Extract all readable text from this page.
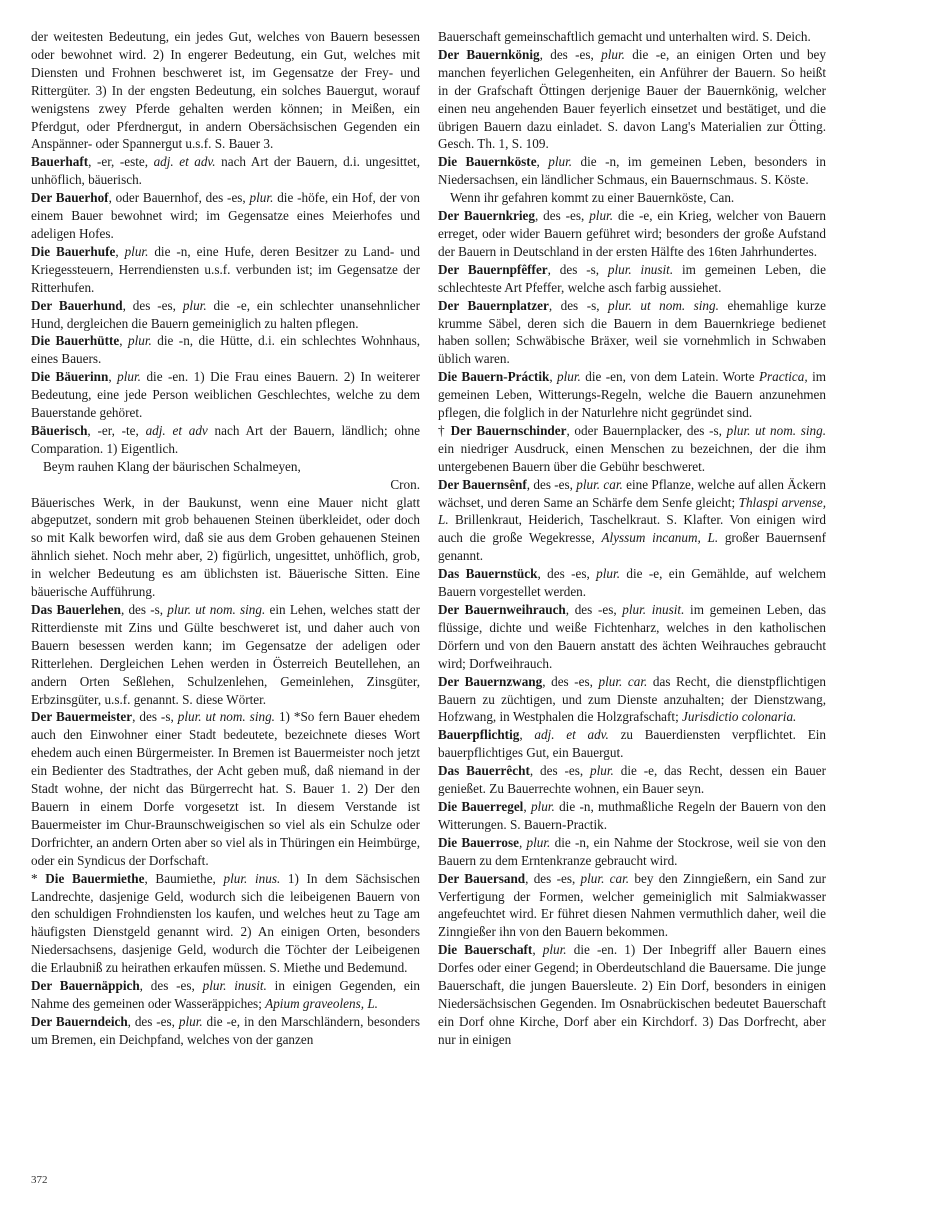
der weitesten Bedeutung, ein jedes Gut, welches von Bauern besessen oder bewohnet wird. 2) In engerer Bedeutung, ein Gut, welches mit Diensten und Frohnen beschweret ist, im Gegensatze der Frey- und Rittergüter. 3) In der engsten Bedeutung, ein solches Bauergut, worauf wenigstens zwey Pferde gehalten werden können; in Meißen, ein Pferdgut, oder Pferdnergut, in andern Obersächsischen Gegenden ein Anspänner- oder Spannergut u.s.f. S. Bauer 3.

Bauerhaft, -er, -este, adj. et adv. nach Art der Bauern, d.i. ungesittet, unhöflich, bäuerisch.

Der Bauerhof, oder Bauernhof, des -es, plur. die -höfe, ein Hof, der von einem Bauer bewohnet wird; im Gegensatze eines Meierhofes und adeligen Hofes.

Die Bauerhufe, plur. die -n, eine Hufe, deren Besitzer zu Land- und Kriegessteuern, Herrendiensten u.s.f. verbunden ist; im Gegensatze der Ritterhufen.

Der Bauerhund, des -es, plur. die -e, ein schlechter unansehnlicher Hund, dergleichen die Bauern gemeiniglich zu halten pflegen.

Die Bauerhütte, plur. die -n, die Hütte, d.i. ein schlechtes Wohnhaus, eines Bauers.

Die Bäuerinn, plur. die -en. 1) Die Frau eines Bauern. 2) In weiterer Bedeutung, eine jede Person weiblichen Geschlechtes, welche zu dem Bauerstande gehöret.

Bäuerisch, -er, -te, adj. et adv nach Art der Bauern, ländlich; ohne Comparation. 1) Eigentlich.

Beym rauhen Klang der bäurischen Schalmeyen,

Cron.

Bäuerisches Werk, in der Baukunst, wenn eine Mauer nicht glatt abgeputzet, sondern mit grob behauenen Steinen überkleidet, oder doch so mit Kalk beworfen wird, daß sie aus dem Groben gehauenen Steinen ähnlich siehet. Noch mehr aber, 2) figürlich, ungesittet, unhöflich, grob, in welcher Bedeutung es am üblichsten ist. Bäuerische Sitten. Eine bäuerische Aufführung.

Das Bauerlehen, des -s, plur. ut nom. sing. ein Lehen, welches statt der Ritterdienste mit Zins und Gülte beschweret ist, und daher auch von Bauern besessen werden kann; im Gegensatze der adeligen oder Ritterlehen. Dergleichen Lehen werden in Österreich Beutellehen, an andern Orten Seßlehen, Schulzenlehen, Gemeinlehen, Zinsgüter, Erbzinsgüter, u.s.f. genannt. S. diese Wörter.

Der Bauermeister, des -s, plur. ut nom. sing. 1) *So fern Bauer ehedem auch den Einwohner einer Stadt bedeutete, bezeichnete dieses Wort ehedem auch einen Bürgermeister. In Bremen ist Bauermeister noch jetzt ein Bedienter des Stadtrathes, der Acht geben muß, daß niemand in der Stadt wohne, der nicht das Bürgerrecht hat. S. Bauer 1. 2) Der den Bauern in einem Dorfe vorgesetzt ist. In diesem Verstande ist Bauermeister im Chur-Braunschweigischen so viel als ein Schulze oder Dorfrichter, an andern Orten aber so viel als in Thüringen ein Heimbürge, oder ein Syndicus der Dorfschaft.

* Die Bauermiethe, Baumiethe, plur. inus. 1) In dem Sächsischen Landrechte, dasjenige Geld, wodurch sich die leibeigenen Bauern von den schuldigen Frohndiensten los kaufen, und welches heut zu Tage am häufigsten Dienstgeld genannt wird. 2) An einigen Orten, besonders Niedersachsens, dasjenige Geld, wodurch die Töchter der Leibeigenen die Erlaubniß zu heirathen erkaufen müssen. S. Miethe und Bedemund.

Der Bauernäppich, des -es, plur. inusit. in einigen Gegenden, ein Nahme des gemeinen oder Wasseräppiches; Apium graveolens, L.

Der Bauerndeich, des -es, plur. die -e, in den Marschländern, besonders um Bremen, ein Deichpfand, welches von der ganzen

Bauerschaft gemeinschaftlich gemacht und unterhalten wird. S. Deich.

Der Bauernkönig, des -es, plur. die -e, an einigen Orten und bey manchen feyerlichen Gelegenheiten, ein Anführer der Bauern. So heißt in der Grafschaft Öttingen derjenige Bauer der Bauernkönig, welcher einen neu angehenden Bauer feyerlich einsetzet und bestätiget, und die übrigen Bauern dazu einladet. S. davon Lang's Materialien zur Ötting. Gesch. Th. 1, S. 109.

Die Bauernköste, plur. die -n, im gemeinen Leben, besonders in Niedersachsen, ein ländlicher Schmaus, ein Bauernschmaus. S. Köste.

Wenn ihr gefahren kommt zu einer Bauernköste, Can.

Der Bauernkrieg, des -es, plur. die -e, ein Krieg, welcher von Bauern erreget, oder wider Bauern geführet wird; besonders der große Aufstand der Bauern in Deutschland in der ersten Hälfte des 16ten Jahrhundertes.

Der Bauernpfêffer, des -s, plur. inusit. im gemeinen Leben, die schlechteste Art Pfeffer, welche asch farbig aussiehet.

Der Bauernplatzer, des -s, plur. ut nom. sing. ehemahlige kurze krumme Säbel, deren sich die Bauern in dem Bauernkriege bedienet haben sollen; Schwäbische Bräxer, weil sie vornehmlich in Schwaben üblich waren.

Die Bauern-Práctik, plur. die -en, von dem Latein. Worte Practica, im gemeinen Leben, Witterungs-Regeln, welche die Bauern anzunehmen pflegen, die folglich in der Naturlehre nicht gegründet sind.

† Der Bauernschinder, oder Bauernplacker, des -s, plur. ut nom. sing. ein niedriger Ausdruck, einen Menschen zu bezeichnen, der die ihm untergebenen Bauern über die Gebühr beschweret.

Der Bauernsênf, des -es, plur. car. eine Pflanze, welche auf allen Äckern wächset, und deren Same an Schärfe dem Senfe gleicht; Thlaspi arvense, L. Brillenkraut, Heiderich, Taschelkraut. S. Klafter. Von einigen wird auch die große Wegekresse, Alyssum incanum, L. großer Bauernsenf genannt.

Das Bauernstück, des -es, plur. die -e, ein Gemählde, auf welchem Bauern vorgestellet werden.

Der Bauernweihrauch, des -es, plur. inusit. im gemeinen Leben, das flüssige, dichte und weiße Fichtenharz, welches in den katholischen Dörfern und von den Bauern anstatt des ächten Weihrauches gebraucht wird; Dorfweihrauch.

Der Bauernzwang, des -es, plur. car. das Recht, die dienstpflichtigen Bauern zu züchtigen, und zum Dienste anzuhalten; der Dienstzwang, Hofzwang, in Westphalen die Holzgrafschaft; Jurisdictio colonaria.

Bauerpflichtig, adj. et adv. zu Bauerdiensten verpflichtet. Ein bauerpflichtiges Gut, ein Bauergut.

Das Bauerrêcht, des -es, plur. die -e, das Recht, dessen ein Bauer genießet. Zu Bauerrechte wohnen, ein Bauer seyn.

Die Bauerregel, plur. die -n, muthmaßliche Regeln der Bauern von den Witterungen. S. Bauern-Practik.

Die Bauerrose, plur. die -n, ein Nahme der Stockrose, weil sie von den Bauern zu dem Erntenkranze gebraucht wird.

Der Bauersand, des -es, plur. car. bey den Zinngießern, ein Sand zur Verfertigung der Formen, welcher gemeiniglich mit Salmiakwasser angefeuchtet wird. Er führet diesen Nahmen vermuthlich daher, weil die Zinngießer ihn von den Bauern bekommen.

Die Bauerschaft, plur. die -en. 1) Der Inbegriff aller Bauern eines Dorfes oder einer Gegend; in Oberdeutschland die Bauersame. Die junge Bauerschaft, die jungen Bauersleute. 2) Ein Dorf, besonders in einigen Niedersächsischen Gegenden. Im Osnabrückischen bedeutet Bauerschaft ein Dorf ohne Kirche, Dorf aber ein Kirchdorf. 3) Das Dorfrecht, aber nur in einigen

372
